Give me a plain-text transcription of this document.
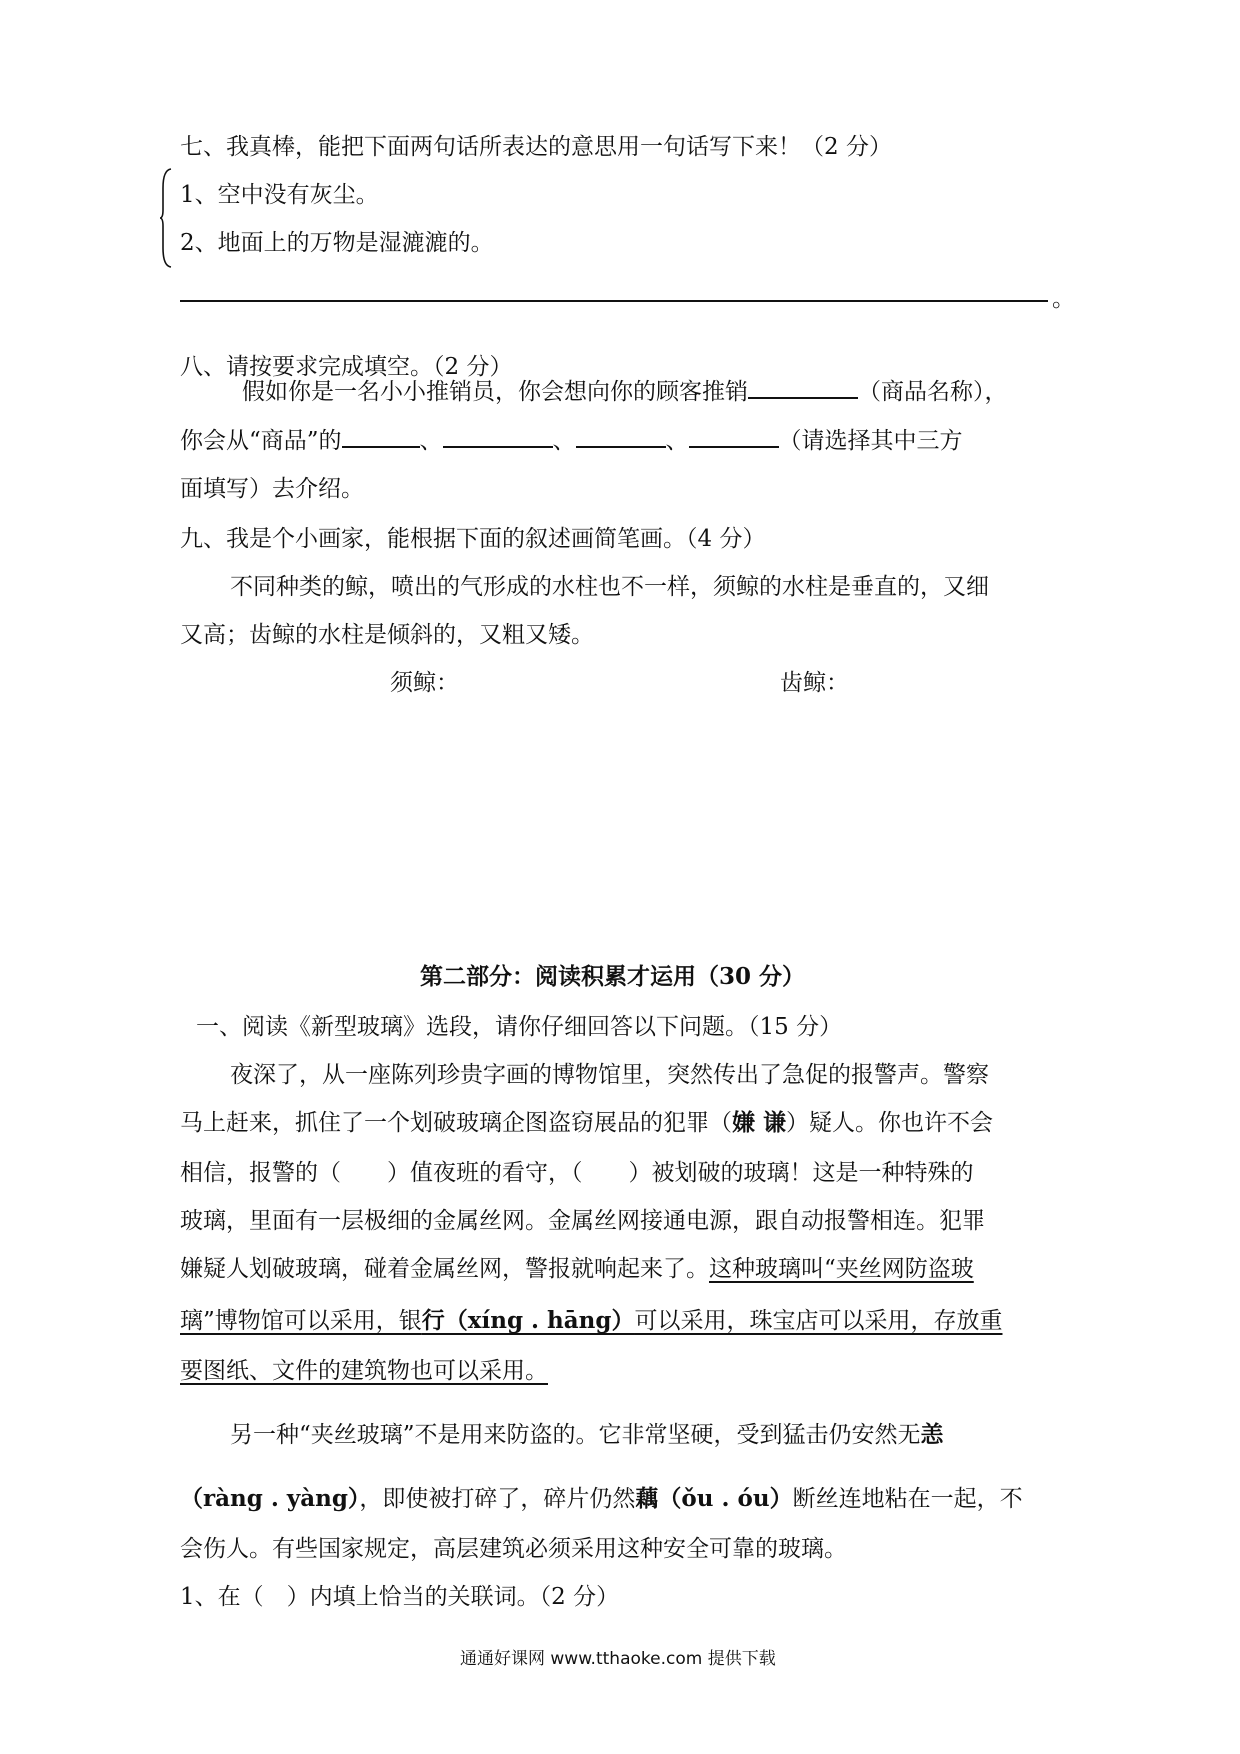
七、我真棒，能把下面两句话所表达的意思用一句话写下来！（2 分）
1、空中没有灰尘。
2、地面上的万物是湿漉漉的。
。
八、请按要求完成填空。（2 分）
假如你是一名小小推销员，你会想向你的顾客推销	（商品名称），
你会从“商品”的	、	、	、	（请选择其中三方
面填写）去介绍。
九、我是个小画家，能根据下面的叙述画简笔画。（4 分）
不同种类的鲸，喷出的气形成的水柱也不一样，须鲸的水柱是垂直的，又细
又高；齿鲸的水柱是倾斜的，又粗又矮。
须鲸：	齿鲸：
第二部分：阅读积累才运用（30 分）
一、阅读《新型玻璃》选段，请你仔细回答以下问题。（15 分）
夜深了，从一座陈列珍贵字画的博物馆里，突然传出了急促的报警声。警察
马上赶来，抓住了一个划破玻璃企图盗窃展品的犯罪（嫌 谦）疑人。你也许不会
相信，报警的（　　）值夜班的看守，（　　）被划破的玻璃！这是一种特殊的
玻璃，里面有一层极细的金属丝网。金属丝网接通电源，跟自动报警相连。犯罪
嫌疑人划破玻璃，碰着金属丝网，警报就响起来了。这种玻璃叫“夹丝网防盗玻
璃”博物馆可以采用，银行（xíng . hāng）可以采用，珠宝店可以采用，存放重
要图纸、文件的建筑物也可以采用。
另一种“夹丝玻璃”不是用来防盗的。它非常坚硬，受到猛击仍安然无恙
（ràng . yàng），即使被打碎了，碎片仍然藕（ǒu . óu）断丝连地粘在一起，不
会伤人。有些国家规定，高层建筑必须采用这种安全可靠的玻璃。
1、在（　）内填上恰当的关联词。（2 分）
通通好课网 www.tthaoke.com 提供下载
